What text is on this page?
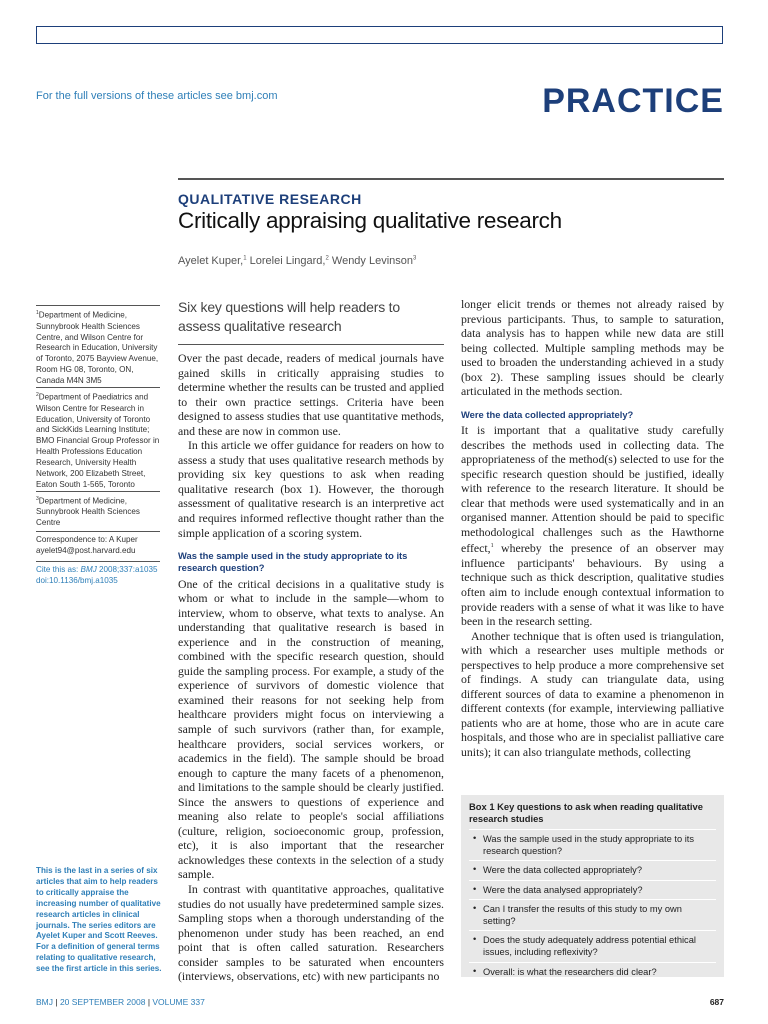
For the full versions of these articles see bmj.com	PRACTICE
QUALITATIVE RESEARCH
Critically appraising qualitative research
Ayelet Kuper,$^1$ Lorelei Lingard,$^2$ Wendy Levinson$^3$
$^1$Department of Medicine, Sunnybrook Health Sciences Centre, and Wilson Centre for Research in Education, University of Toronto, 2075 Bayview Avenue, Room HG 08, Toronto, ON, Canada M4N 3M5
$^2$Department of Paediatrics and Wilson Centre for Research in Education, University of Toronto and SickKids Learning Institute; BMO Financial Group Professor in Health Professions Education Research, University Health Network, 200 Elizabeth Street, Eaton South 1-565, Toronto
$^3$Department of Medicine, Sunnybrook Health Sciences Centre
Correspondence to: A Kuper ayelet94@post.harvard.edu
Cite this as: BMJ 2008;337:a1035
doi:10.1136/bmj.a1035
This is the last in a series of six articles that aim to help readers to critically appraise the increasing number of qualitative research articles in clinical journals. The series editors are Ayelet Kuper and Scott Reeves.
For a definition of general terms relating to qualitative research, see the first article in this series.
Six key questions will help readers to assess qualitative research

Over the past decade, readers of medical journals have gained skills in critically appraising studies to determine whether the results can be trusted and applied to their own practice settings. Criteria have been designed to assess studies that use quantitative methods, and these are now in common use.

In this article we offer guidance for readers on how to assess a study that uses qualitative research methods by providing six key questions to ask when reading qualitative research (box 1). However, the thorough assessment of qualitative research is an interpretive act and requires informed reflective thought rather than the simple application of a scoring system.

Was the sample used in the study appropriate to its research question?

One of the critical decisions in a qualitative study is whom or what to include in the sample—whom to interview, whom to observe, what texts to analyse. An understanding that qualitative research is based in experience and in the construction of meaning, combined with the specific research question, should guide the sampling process. For example, a study of the experience of survivors of domestic violence that examined their reasons for not seeking help from healthcare providers might focus on interviewing a sample of such survivors (rather than, for example, healthcare providers, social services workers, or academics in the field). The sample should be broad enough to capture the many facets of a phenomenon, and limitations to the sample should be clearly justified. Since the answers to questions of experience and meaning also relate to people's social affiliations (culture, religion, socioeconomic group, profession, etc), it is also important that the researcher acknowledges these contexts in the selection of a study sample.

In contrast with quantitative approaches, qualitative studies do not usually have predetermined sample sizes. Sampling stops when a thorough understanding of the phenomenon under study has been reached, an end point that is often called saturation. Researchers consider samples to be saturated when encounters (interviews, observations, etc) with new participants no

longer elicit trends or themes not already raised by previous participants. Thus, to sample to saturation, data analysis has to happen while new data are still being collected. Multiple sampling methods may be used to broaden the understanding achieved in a study (box 2). These sampling issues should be clearly articulated in the methods section.

Were the data collected appropriately?

It is important that a qualitative study carefully describes the methods used in collecting data. The appropriateness of the method(s) selected to use for the specific research question should be justified, ideally with reference to the research literature. It should be clear that methods were used systematically and in an organised manner. Attention should be paid to specific methodological challenges such as the Hawthorne effect,$^1$ whereby the presence of an observer may influence participants' behaviours. By using a technique such as thick description, qualitative studies often aim to include enough contextual information to provide readers with a sense of what it was like to have been in the research setting.

Another technique that is often used is triangulation, with which a researcher uses multiple methods or perspectives to help produce a more comprehensive set of findings. A study can triangulate data, using different sources of data to examine a phenomenon in different contexts (for example, interviewing palliative patients who are at home, those who are in acute care hospitals, and those who are in specialist palliative care units); it can also triangulate methods, collecting

Box 1 Key questions to ask when reading qualitative research studies

• Was the sample used in the study appropriate to its research question?
• Were the data collected appropriately?
• Were the data analysed appropriately?
• Can I transfer the results of this study to my own setting?
• Does the study adequately address potential ethical issues, including reflexivity?
• Overall: is what the researchers did clear?
BMJ | 20 SEPTEMBER 2008 | VOLUME 337	687
